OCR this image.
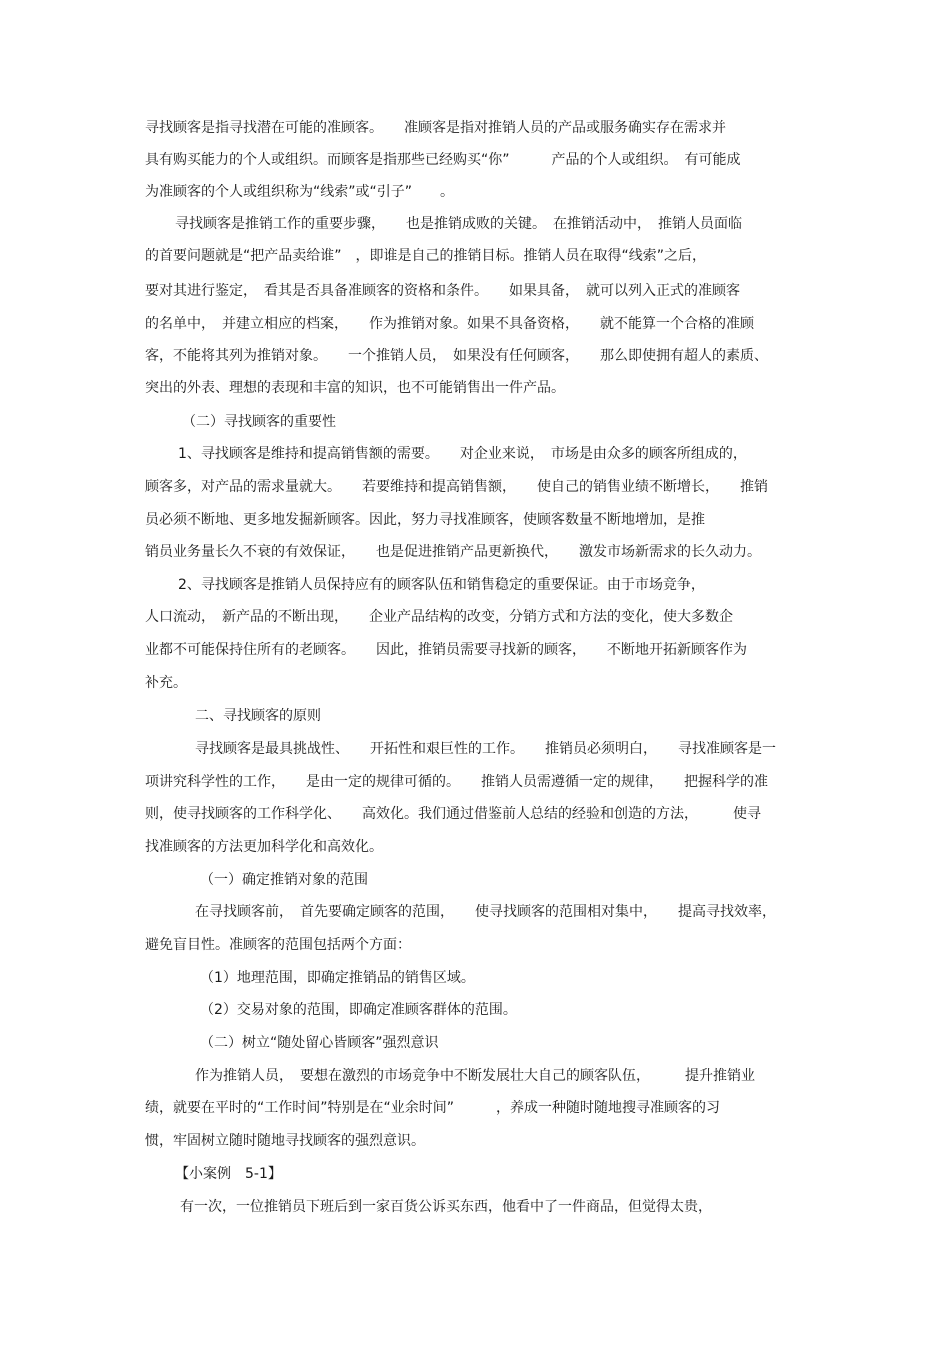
寻找顾客是指寻找潜在可能的准顾客。　　准顾客是指对推销人员的产品或服务确实存在需求并
具有购买能力的个人或组织。而顾客是指那些已经购买“你”　　　产品的个人或组织。　有可能成
为准顾客的个人或组织称为“线索”或“引子”　　。
寻找顾客是推销工作的重要步骤，　　也是推销成败的关键。　在推销活动中，　推销人员面临
的首要问题就是“把产品卖给谁”　，即谁是自己的推销目标。推销人员在取得“线索”之后，
要对其进行鉴定，　看其是否具备准顾客的资格和条件。　　如果具备，　就可以列入正式的准顾客
的名单中，　并建立相应的档案，　　作为推销对象。如果不具备资格，　　就不能算一个合格的准顾
客，不能将其列为推销对象。　　一个推销人员，　如果没有任何顾客，　　那么即使拥有超人的素质、
突出的外表、理想的表现和丰富的知识，也不可能销售出一件产品。
（二）寻找顾客的重要性
1、寻找顾客是维持和提高销售额的需要。　　对企业来说，　市场是由众多的顾客所组成的，
顾客多，对产品的需求量就大。　　若要维持和提高销售额，　　使自己的销售业绩不断增长，　　推销
员必须不断地、更多地发掘新顾客。因此，努力寻找准顾客，使顾客数量不断地增加，是推
销员业务量长久不衰的有效保证，　　也是促进推销产品更新换代，　　激发市场新需求的长久动力。
2、寻找顾客是推销人员保持应有的顾客队伍和销售稳定的重要保证。由于市场竞争，
人口流动，　新产品的不断出现，　　企业产品结构的改变，分销方式和方法的变化，使大多数企
业都不可能保持住所有的老顾客。　　因此，推销员需要寻找新的顾客，　　不断地开拓新顾客作为
补充。
二、寻找顾客的原则
寻找顾客是最具挑战性、　　开拓性和艰巨性的工作。　　推销员必须明白，　　寻找准顾客是一
项讲究科学性的工作，　　是由一定的规律可循的。　　推销人员需遵循一定的规律，　　把握科学的准
则，使寻找顾客的工作科学化、　　高效化。我们通过借鉴前人总结的经验和创造的方法，　　　使寻
找准顾客的方法更加科学化和高效化。
（一）确定推销对象的范围
在寻找顾客前，　首先要确定顾客的范围，　　使寻找顾客的范围相对集中，　　提高寻找效率，
避免盲目性。准顾客的范围包括两个方面：
（1）地理范围，即确定推销品的销售区域。
（2）交易对象的范围，即确定准顾客群体的范围。
（二）树立“随处留心皆顾客”强烈意识
作为推销人员，　要想在激烈的市场竞争中不断发展壮大自己的顾客队伍，　　　提升推销业
绩，就要在平时的“工作时间”特别是在“业余时间”　　　，养成一种随时随地搜寻准顾客的习
惯，牢固树立随时随地寻找顾客的强烈意识。
【小案例　5-1】
有一次，一位推销员下班后到一家百货公诉买东西，他看中了一件商品，但觉得太贵，
